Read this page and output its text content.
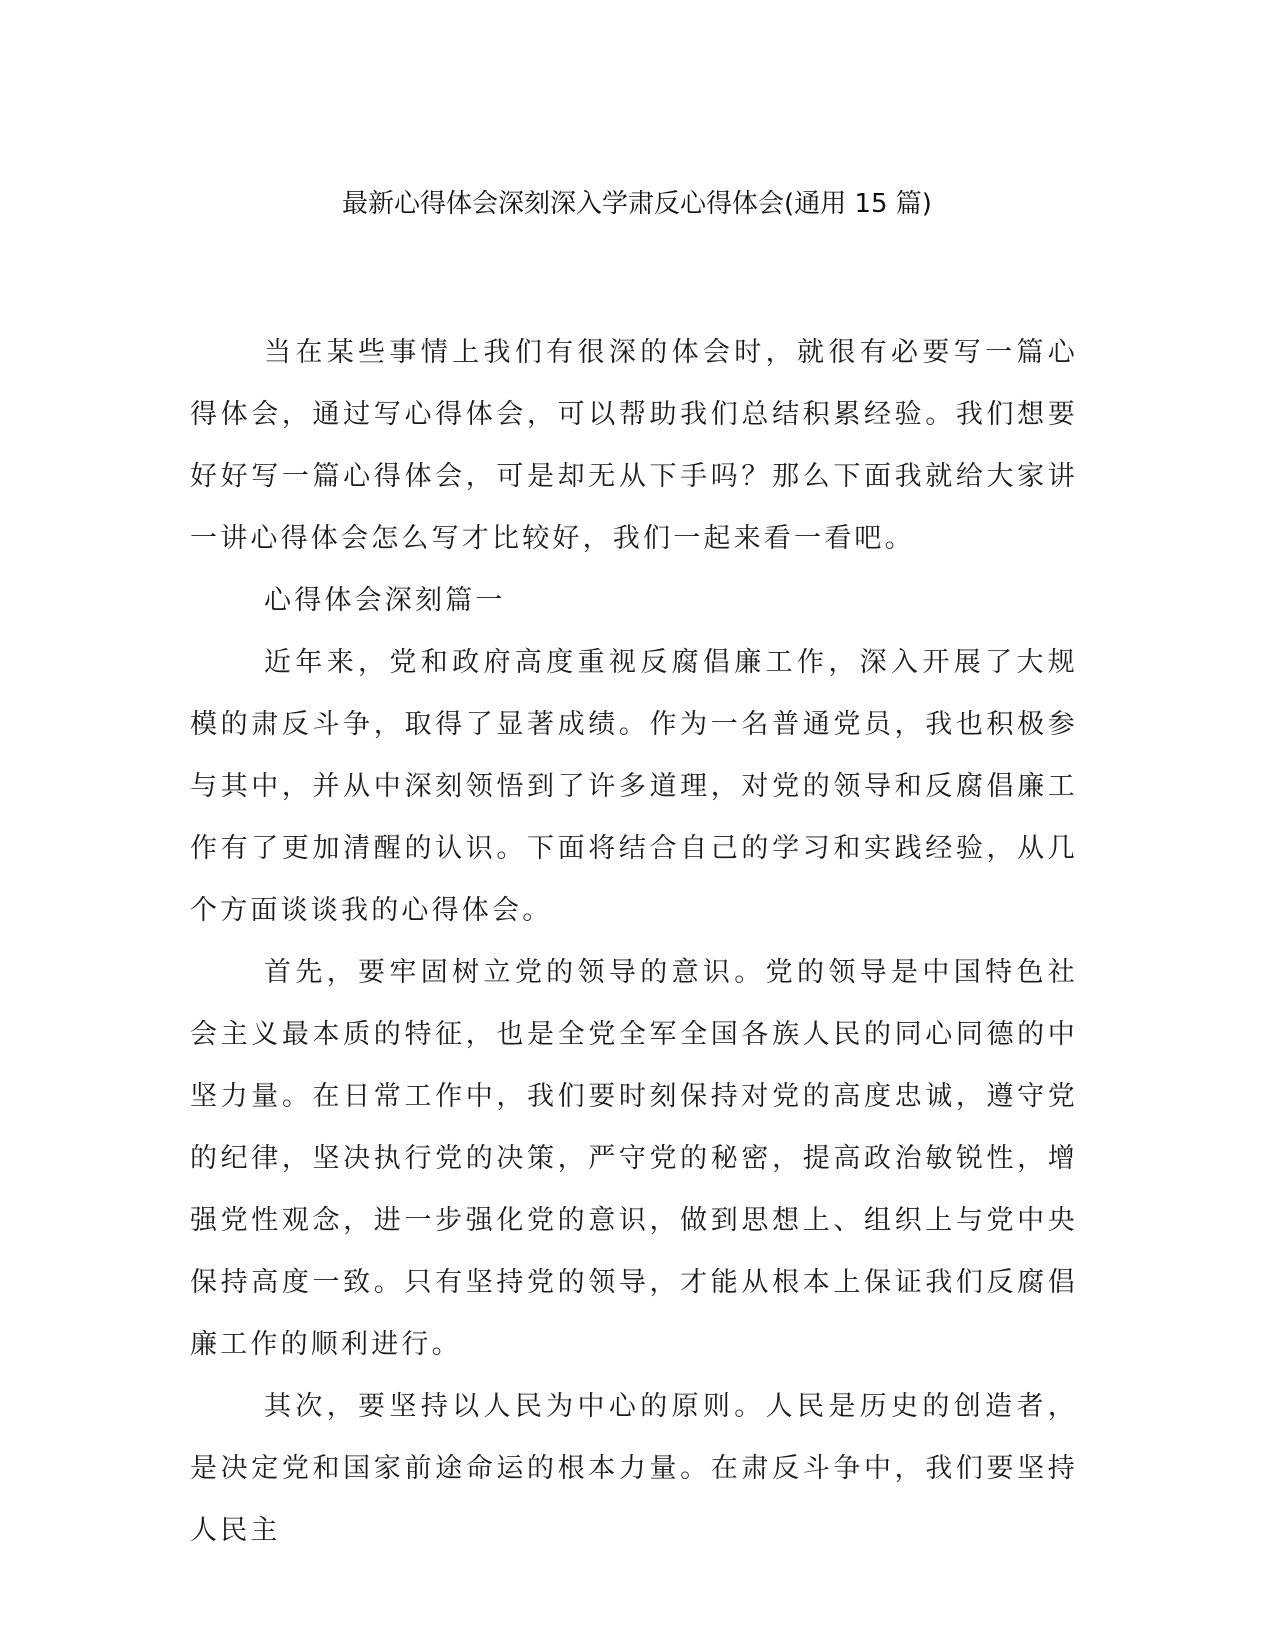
最新心得体会深刻深入学肃反心得体会(通用 15 篇)

当在某些事情上我们有很深的体会时，就很有必要写一篇心得体会，通过写心得体会，可以帮助我们总结积累经验。我们想要好好写一篇心得体会，可是却无从下手吗？那么下面我就给大家讲一讲心得体会怎么写才比较好，我们一起来看一看吧。

心得体会深刻篇一

近年来，党和政府高度重视反腐倡廉工作，深入开展了大规模的肃反斗争，取得了显著成绩。作为一名普通党员，我也积极参与其中，并从中深刻领悟到了许多道理，对党的领导和反腐倡廉工作有了更加清醒的认识。下面将结合自己的学习和实践经验，从几个方面谈谈我的心得体会。

首先，要牢固树立党的领导的意识。党的领导是中国特色社会主义最本质的特征，也是全党全军全国各族人民的同心同德的中坚力量。在日常工作中，我们要时刻保持对党的高度忠诚，遵守党的纪律，坚决执行党的决策，严守党的秘密，提高政治敏锐性，增强党性观念，进一步强化党的意识，做到思想上、组织上与党中央保持高度一致。只有坚持党的领导，才能从根本上保证我们反腐倡廉工作的顺利进行。

其次，要坚持以人民为中心的原则。人民是历史的创造者，是决定党和国家前途命运的根本力量。在肃反斗争中，我们要坚持人民主
